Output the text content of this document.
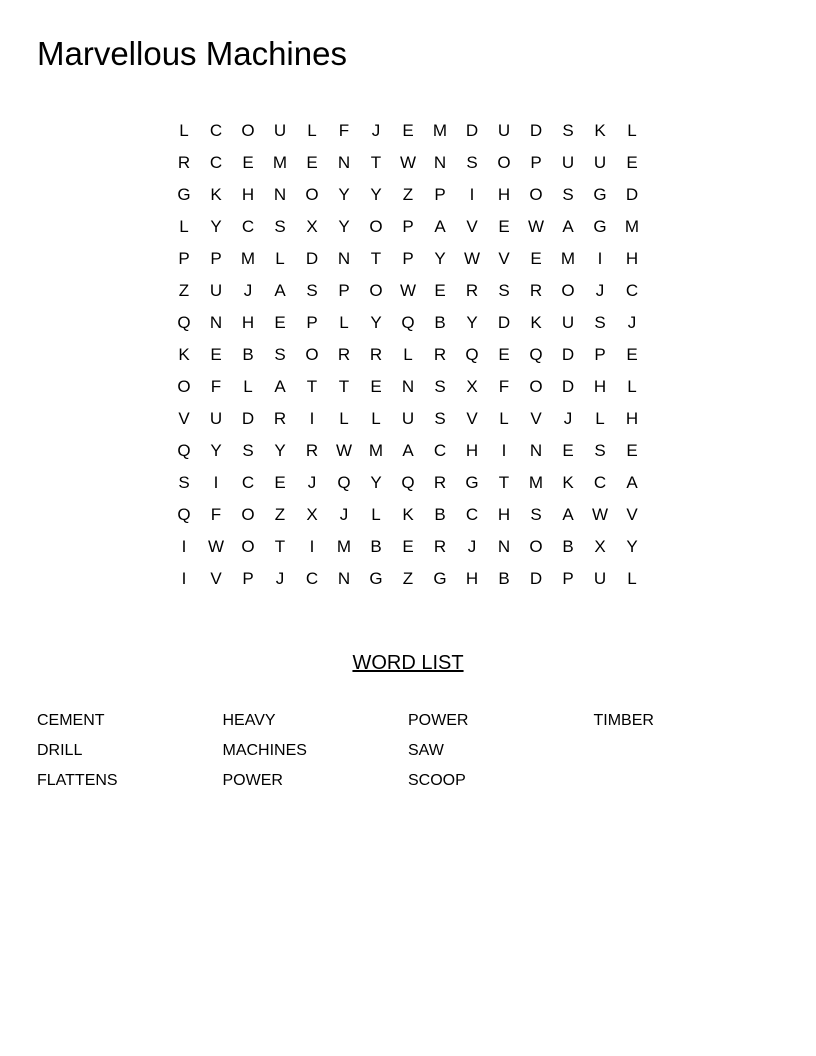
Marvellous Machines
L	C	O	U	L	F	J	E	M	D	U	D	S	K	L
R	C	E	M	E	N	T	W	N	S	O	P	U	U	E
G	K	H	N	O	Y	Y	Z	P	I	H	O	S	G	D
L	Y	C	S	X	Y	O	P	A	V	E	W	A	G	M
P	P	M	L	D	N	T	P	Y	W	V	E	M	I	H
Z	U	J	A	S	P	O	W	E	R	S	R	O	J	C
Q	N	H	E	P	L	Y	Q	B	Y	D	K	U	S	J
K	E	B	S	O	R	R	L	R	Q	E	Q	D	P	E
O	F	L	A	T	T	E	N	S	X	F	O	D	H	L
V	U	D	R	I	L	L	U	S	V	L	V	J	L	H
Q	Y	S	Y	R	W M	A	C	H	I	N	E	S	E
S	I	C	E	J	Q	Y	Q	R	G	T	M	K	C	A
Q	F	O	Z	X	J	L	K	B	C	H	S	A	W	V
I	W	O	T	I	M	B	E	R	J	N	O	B	X	Y
I	V	P	J	C	N	G	Z	G	H	B	D	P	U	L
WORD LIST
CEMENT
DRILL
FLATTENS
HEAVY
MACHINES
POWER
POWER
SAW
SCOOP
TIMBER
